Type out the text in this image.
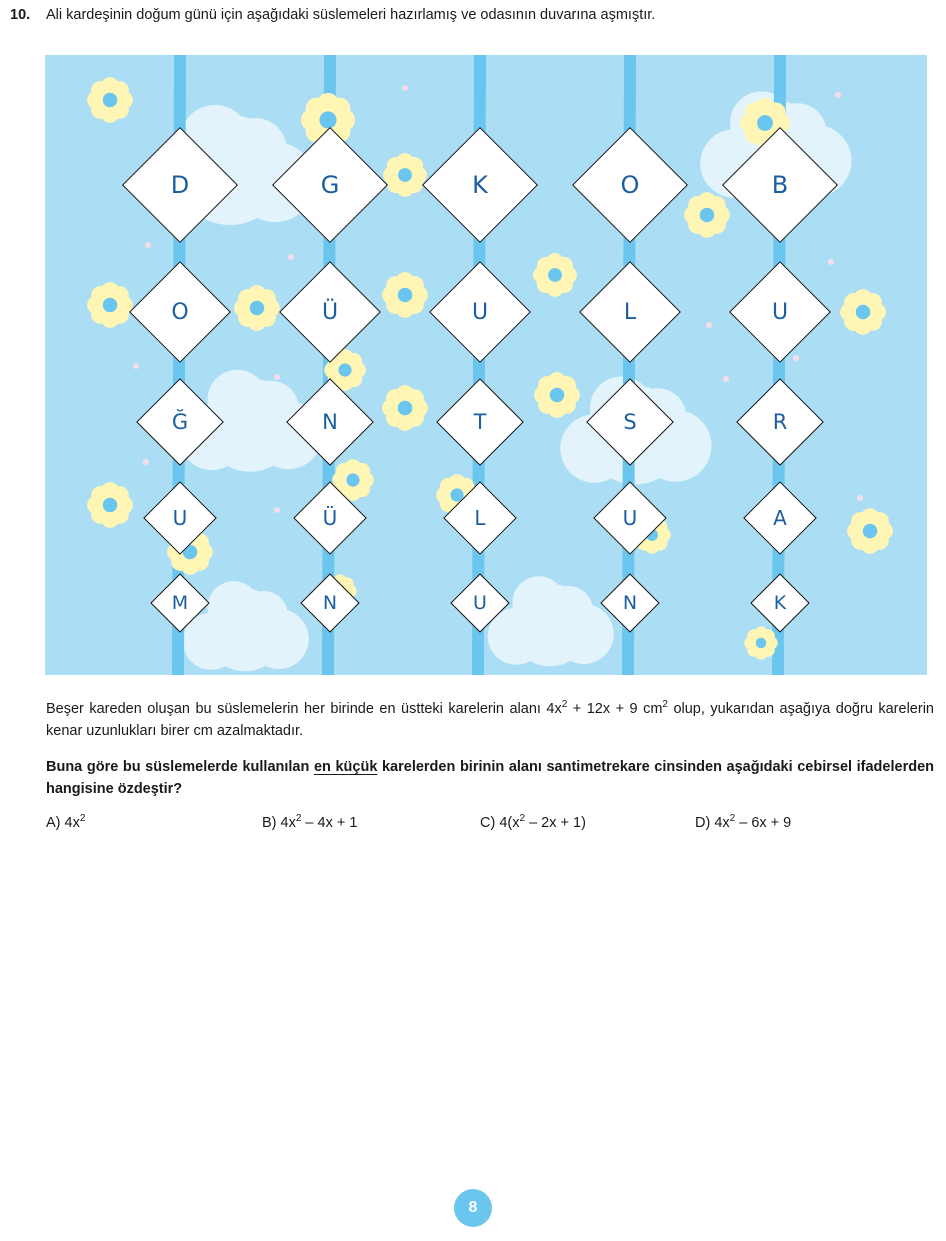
10. Ali kardeşinin doğum günü için aşağıdaki süslemeleri hazırlamış ve odasının duvarına aşmıştır.
D
O
Ğ
U
M
G
Ü
N
Ü
N
K
U
T
L
U
O
L
S
U
N
B
U
R
A
K
Beşer kareden oluşan bu süslemelerin her birinde en üstteki karelerin alanı $4x^2 + 12x + 9$ $cm^2$ olup, yukarıdan aşağıya doğru karelerin kenar uzunlukları birer cm azalmaktadır.
Buna göre bu süslemelerde kullanılan en küçük karelerden birinin alanı santimetrekare cinsinden aşağıdaki cebirsel ifadelerden hangisine özdeştir?
A) $4x^2$	B) $4x^2 - 4x + 1$	C) $4(x^2 - 2x + 1)$	D) $4x^2 - 6x + 9$
8
